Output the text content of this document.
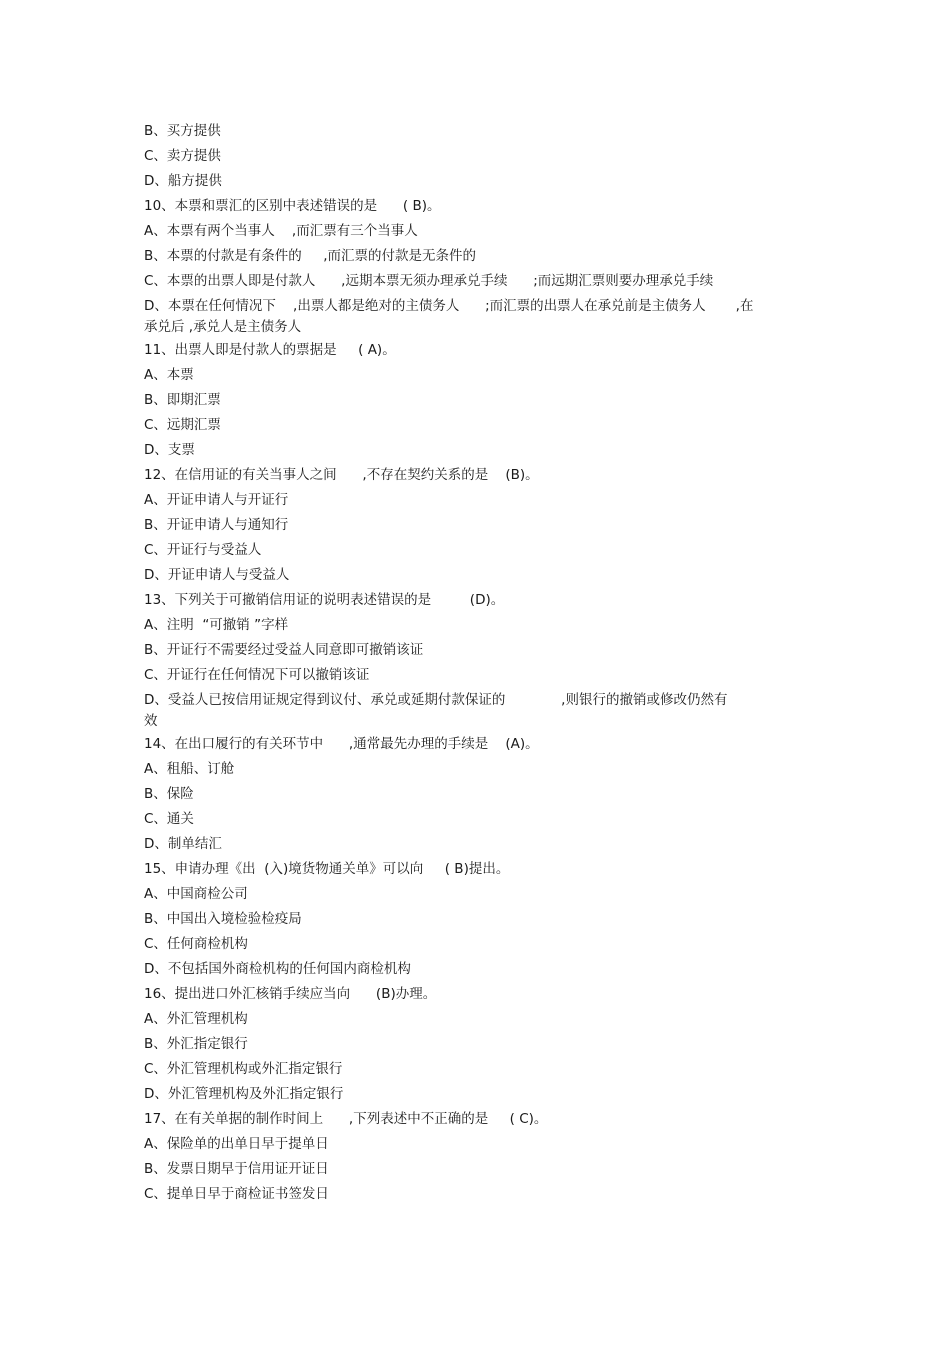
B、买方提供
C、卖方提供
D、船方提供
10、本票和票汇的区别中表述错误的是      ( B)。
A、本票有两个当事人    ,而汇票有三个当事人
B、本票的付款是有条件的     ,而汇票的付款是无条件的
C、本票的出票人即是付款人      ,远期本票无须办理承兑手续      ;而远期汇票则要办理承兑手续
D、本票在任何情况下    ,出票人都是绝对的主债务人      ;而汇票的出票人在承兑前是主债务人       ,在
承兑后 ,承兑人是主债务人
11、出票人即是付款人的票据是     ( A)。
A、本票
B、即期汇票
C、远期汇票
D、支票
12、在信用证的有关当事人之间      ,不存在契约关系的是    (B)。
A、开证申请人与开证行
B、开证申请人与通知行
C、开证行与受益人
D、开证申请人与受益人
13、下列关于可撤销信用证的说明表述错误的是         (D)。
A、注明  “可撤销 ”字样
B、开证行不需要经过受益人同意即可撤销该证
C、开证行在任何情况下可以撤销该证
D、受益人已按信用证规定得到议付、承兑或延期付款保证的             ,则银行的撤销或修改仍然有
效
14、在出口履行的有关环节中      ,通常最先办理的手续是    (A)。
A、租船、订舱
B、保险
C、通关
D、制单结汇
15、申请办理《出  (入)境货物通关单》可以向     ( B)提出。
A、中国商检公司
B、中国出入境检验检疫局
C、任何商检机构
D、不包括国外商检机构的任何国内商检机构
16、提出进口外汇核销手续应当向      (B)办理。
A、外汇管理机构
B、外汇指定银行
C、外汇管理机构或外汇指定银行
D、外汇管理机构及外汇指定银行
17、在有关单据的制作时间上      ,下列表述中不正确的是     ( C)。
A、保险单的出单日早于提单日
B、发票日期早于信用证开证日
C、提单日早于商检证书签发日
